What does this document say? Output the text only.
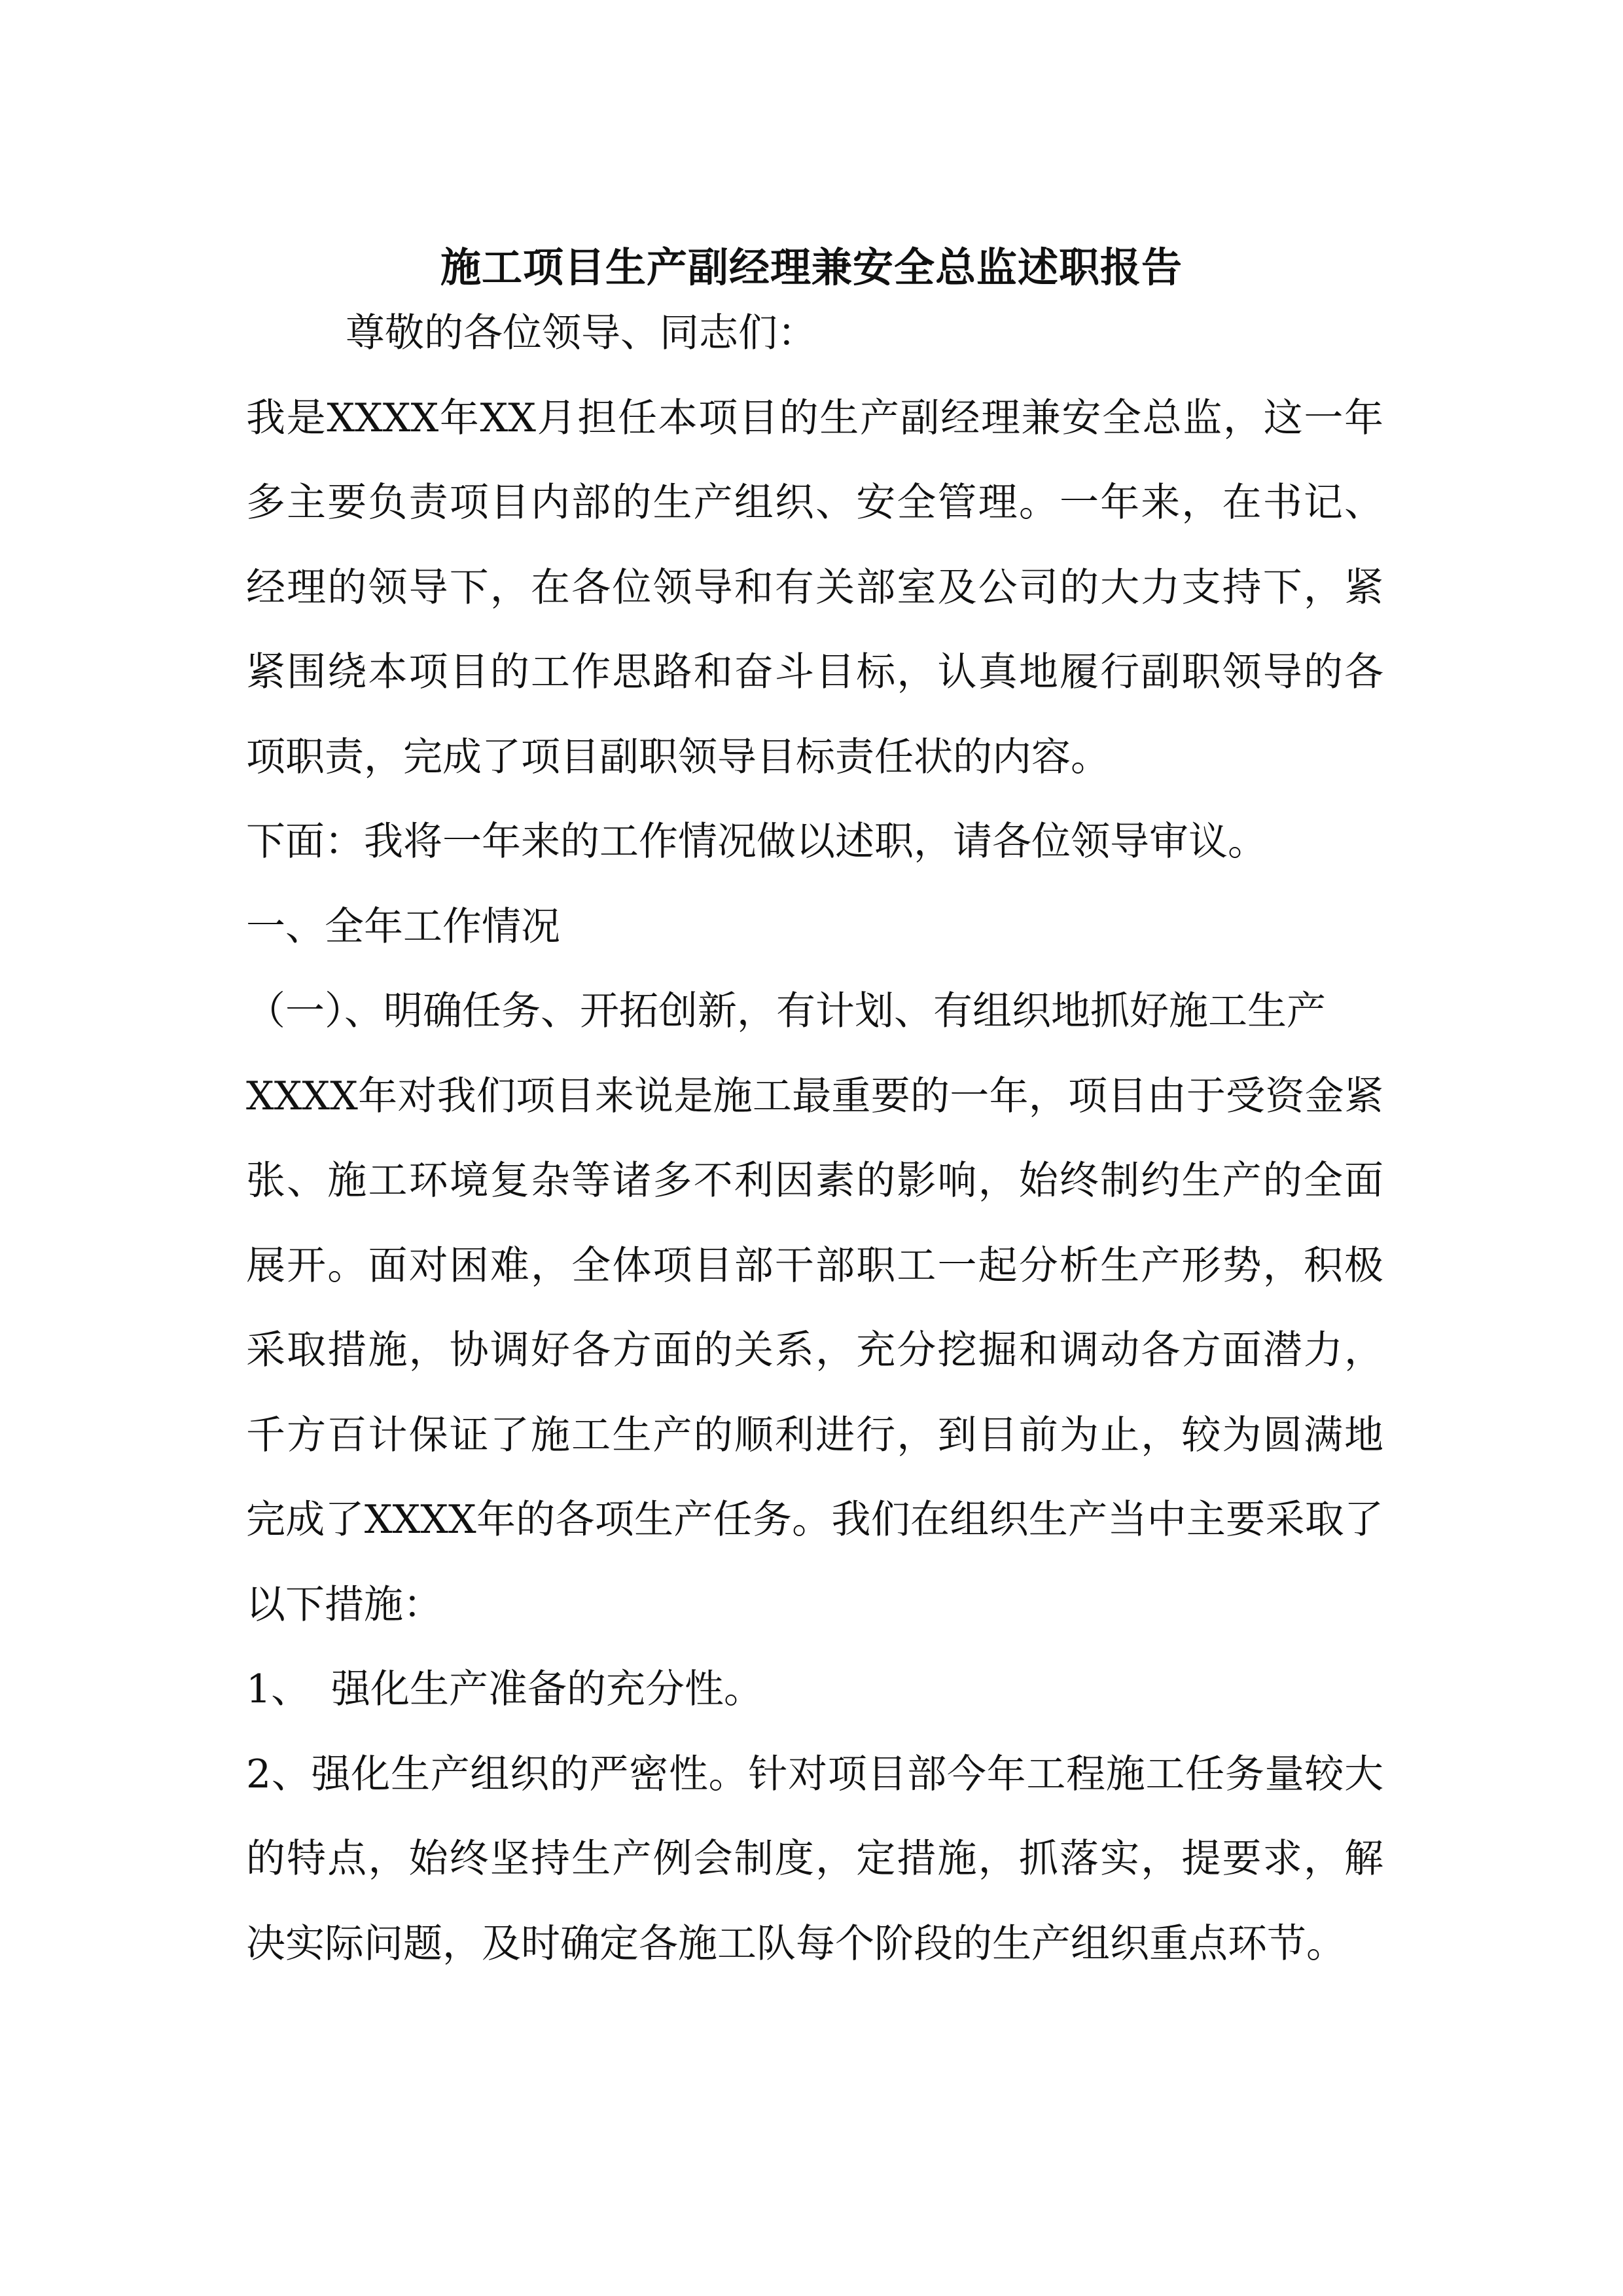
施工项目生产副经理兼安全总监述职报告

尊敬的各位领导、同志们：

我是XXXX年XX月担任本项目的生产副经理兼安全总监，这一年多主要负责项目内部的生产组织、安全管理。一年来，在书记、经理的领导下，在各位领导和有关部室及公司的大力支持下，紧紧围绕本项目的工作思路和奋斗目标，认真地履行副职领导的各项职责，完成了项目副职领导目标责任状的内容。

下面：我将一年来的工作情况做以述职，请各位领导审议。

一、全年工作情况

（一）、明确任务、开拓创新，有计划、有组织地抓好施工生产

XXXX年对我们项目来说是施工最重要的一年，项目由于受资金紧张、施工环境复杂等诸多不利因素的影响，始终制约生产的全面展开。面对困难，全体项目部干部职工一起分析生产形势，积极采取措施，协调好各方面的关系，充分挖掘和调动各方面潜力，千方百计保证了施工生产的顺利进行，到目前为止，较为圆满地完成了XXXX年的各项生产任务。我们在组织生产当中主要采取了以下措施：

1、 强化生产准备的充分性。

2、强化生产组织的严密性。针对项目部今年工程施工任务量较大的特点，始终坚持生产例会制度，定措施，抓落实，提要求，解决实际问题，及时确定各施工队每个阶段的生产组织重点环节。
